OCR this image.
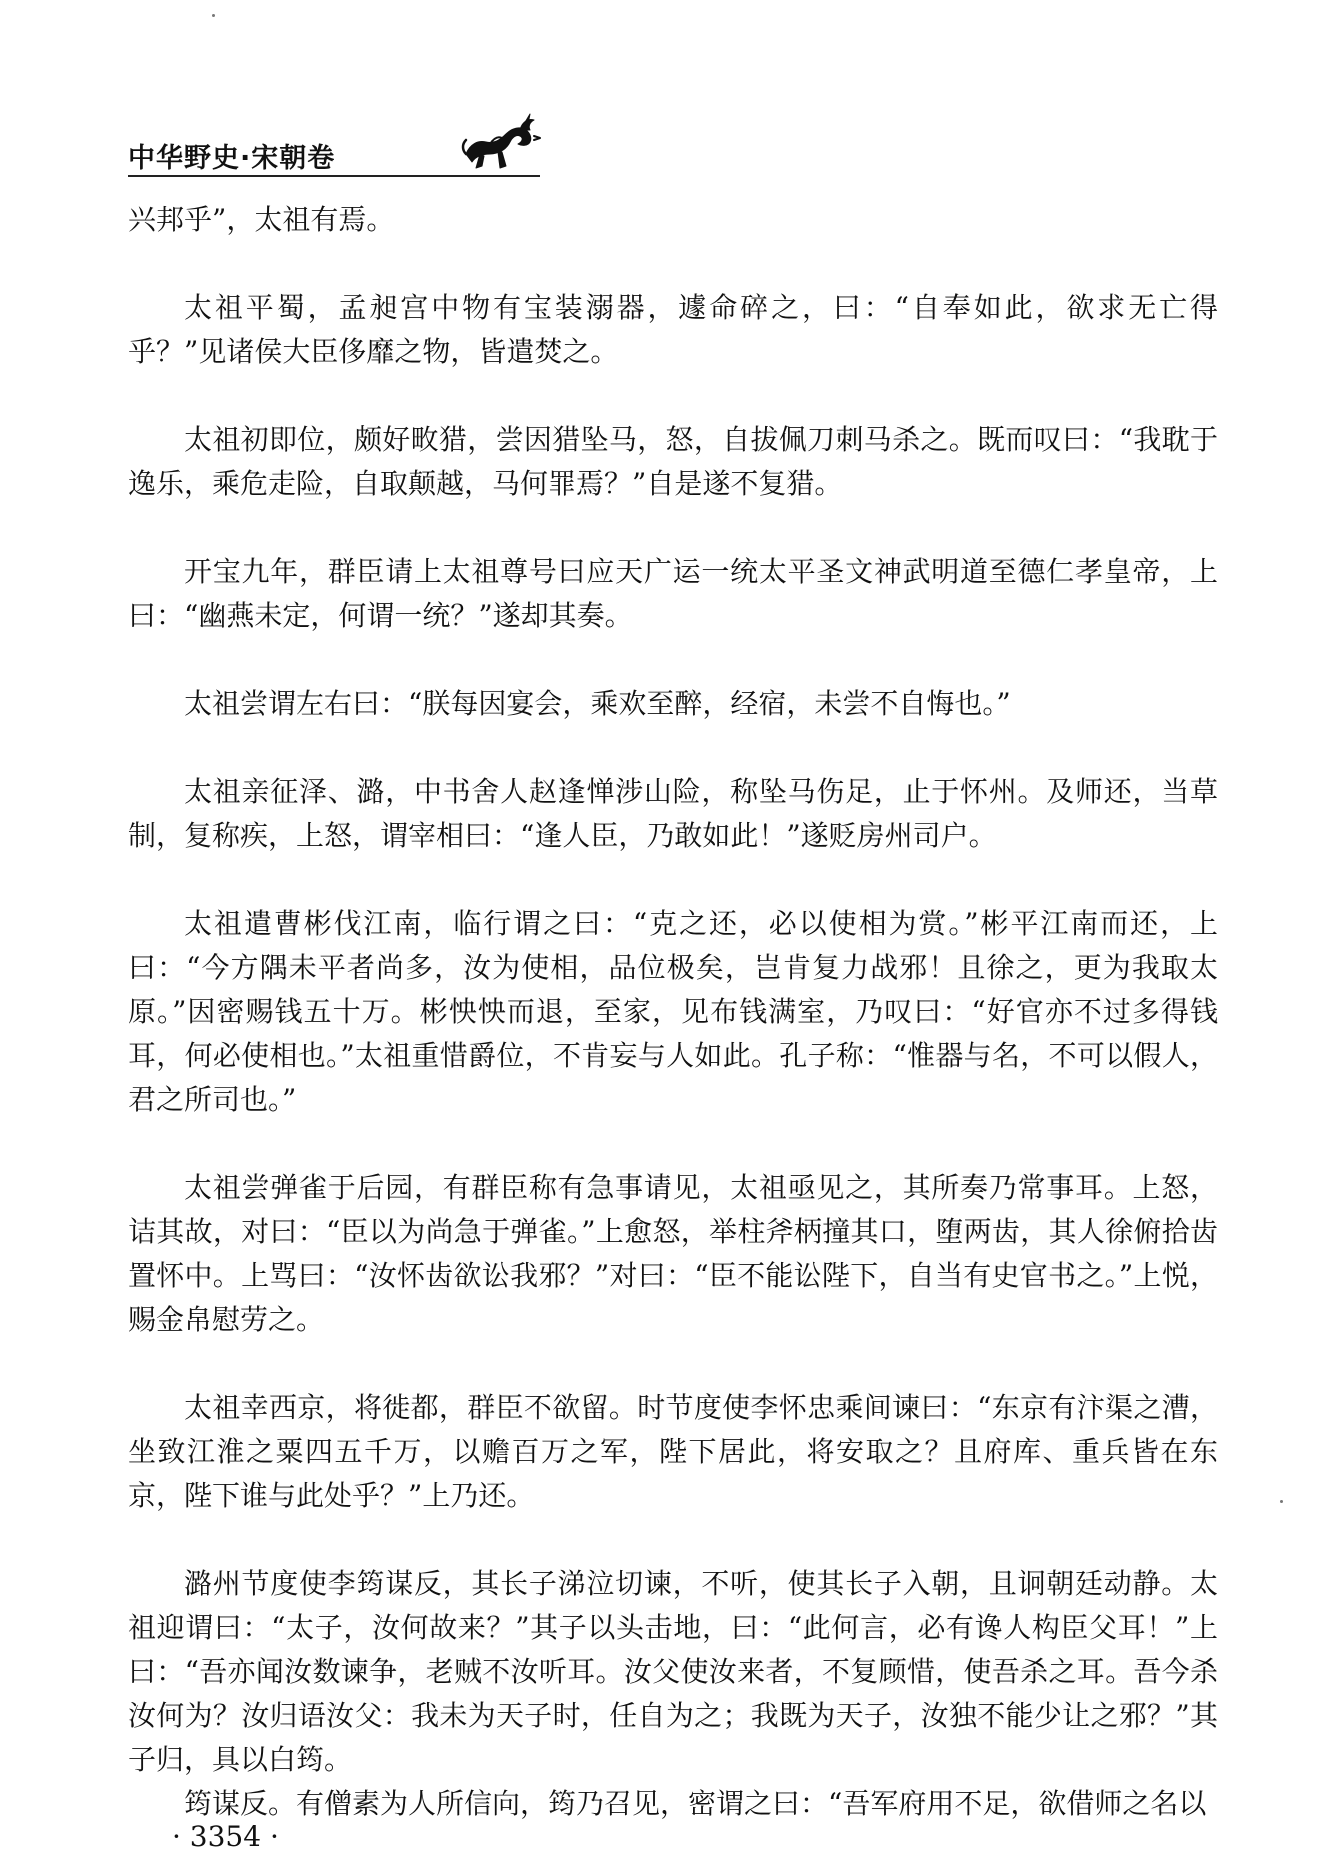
中华野史·宋朝卷

兴邦乎”，太祖有焉。

太祖平蜀，孟昶宫中物有宝装溺器，遽命碎之，曰：“自奉如此，欲求无亡得乎？”见诸侯大臣侈靡之物，皆遣焚之。

太祖初即位，颇好畋猎，尝因猎坠马，怒，自拔佩刀刺马杀之。既而叹曰：“我耽于逸乐，乘危走险，自取颠越，马何罪焉？”自是遂不复猎。

开宝九年，群臣请上太祖尊号曰应天广运一统太平圣文神武明道至德仁孝皇帝，上曰：“幽燕未定，何谓一统？”遂却其奏。

太祖尝谓左右曰：“朕每因宴会，乘欢至醉，经宿，未尝不自悔也。”

太祖亲征泽、潞，中书舍人赵逢惮涉山险，称坠马伤足，止于怀州。及师还，当草制，复称疾，上怒，谓宰相曰：“逢人臣，乃敢如此！”遂贬房州司户。

太祖遣曹彬伐江南，临行谓之曰：“克之还，必以使相为赏。”彬平江南而还，上曰：“今方隅未平者尚多，汝为使相，品位极矣，岂肯复力战邪！且徐之，更为我取太原。”因密赐钱五十万。彬怏怏而退，至家，见布钱满室，乃叹曰：“好官亦不过多得钱耳，何必使相也。”太祖重惜爵位，不肯妄与人如此。孔子称：“惟器与名，不可以假人，君之所司也。”

太祖尝弹雀于后园，有群臣称有急事请见，太祖亟见之，其所奏乃常事耳。上怒，诘其故，对曰：“臣以为尚急于弹雀。”上愈怒，举柱斧柄撞其口，堕两齿，其人徐俯拾齿置怀中。上骂曰：“汝怀齿欲讼我邪？”对曰：“臣不能讼陛下，自当有史官书之。”上悦，赐金帛慰劳之。

太祖幸西京，将徙都，群臣不欲留。时节度使李怀忠乘间谏曰：“东京有汴渠之漕，坐致江淮之粟四五千万，以赡百万之军，陛下居此，将安取之？且府库、重兵皆在东京，陛下谁与此处乎？”上乃还。

潞州节度使李筠谋反，其长子涕泣切谏，不听，使其长子入朝，且诇朝廷动静。太祖迎谓曰：“太子，汝何故来？”其子以头击地，曰：“此何言，必有谗人构臣父耳！”上曰：“吾亦闻汝数谏争，老贼不汝听耳。汝父使汝来者，不复顾惜，使吾杀之耳。吾今杀汝何为？汝归语汝父：我未为天子时，任自为之；我既为天子，汝独不能少让之邪？”其子归，具以白筠。

筠谋反。有僧素为人所信向，筠乃召见，密谓之曰：“吾军府用不足，欲借师之名以

· 3354 ·
